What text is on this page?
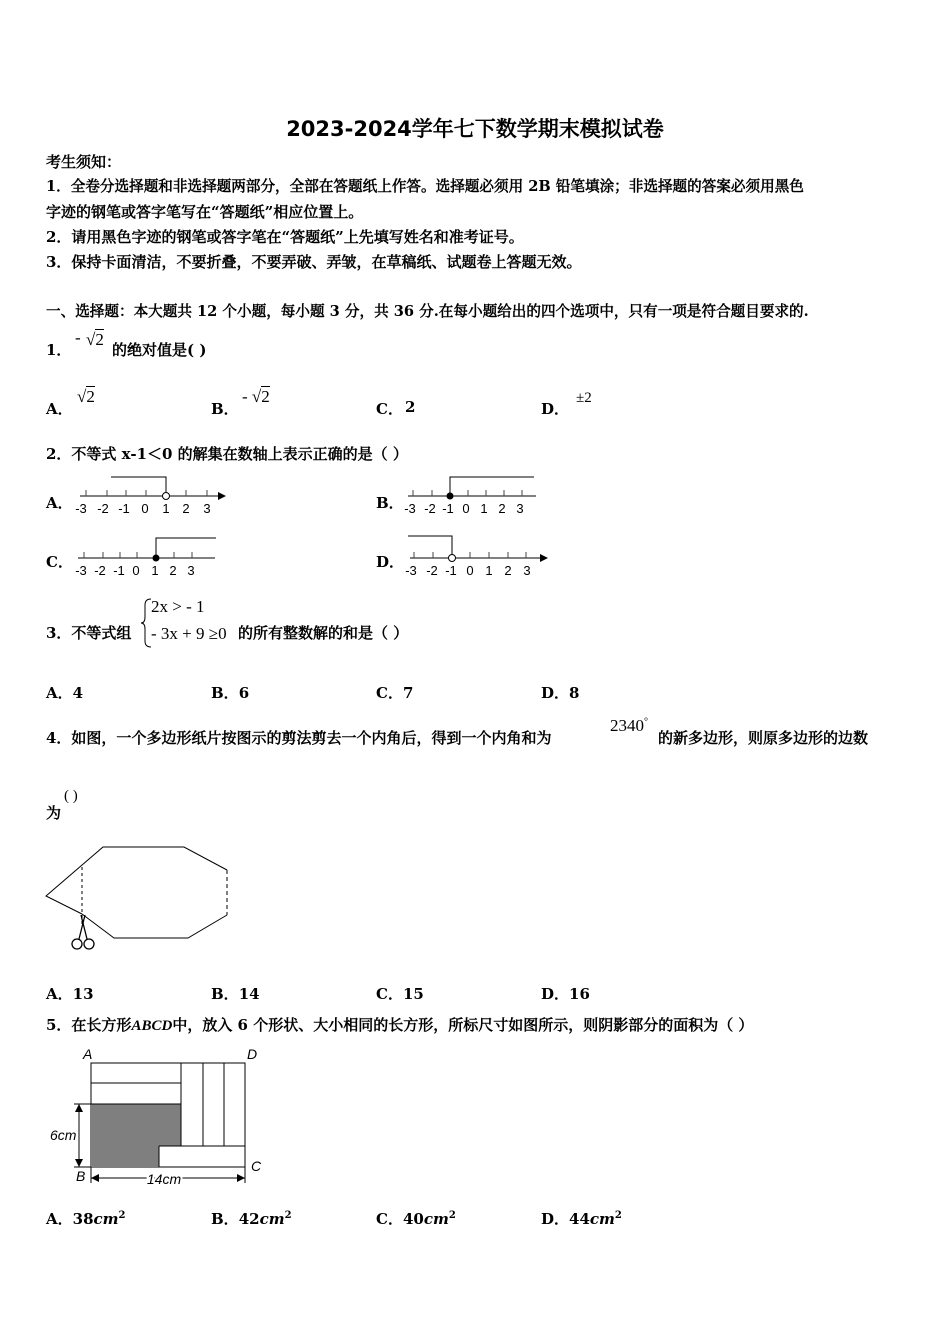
2023-2024学年七下数学期末模拟试卷
考生须知：
1．全卷分选择题和非选择题两部分，全部在答题纸上作答。选择题必须用 2B 铅笔填涂；非选择题的答案必须用黑色
字迹的钢笔或答字笔写在“答题纸”相应位置上。
2．请用黑色字迹的钢笔或答字笔在“答题纸”上先填写姓名和准考证号。
3．保持卡面清洁，不要折叠，不要弄破、弄皱，在草稿纸、试题卷上答题无效。
一、选择题：本大题共 12 个小题，每小题 3 分，共 36 分.在每小题给出的四个选项中，只有一项是符合题目要求的.
1．
- √2
的绝对值是( )
A．
√2
B．
- √2
C． 2	D．
±2
2．不等式 x-1＜0 的解集在数轴上表示正确的是（ ）
A． -3 -2 -1 0 1 2 3	B． -3 -2 -1 0 1 2 3
C． -3 -2 -1 0 1 2 3	D． -3 -2 -1 0 1 2 3
3．不等式组
2x > - 1
- 3x + 9 ≥0 的所有整数解的和是（ ）
A．4	B．6	C．7	D．8
4．如图，一个多边形纸片按图示的剪法剪去一个内角后，得到一个内角和为
2340°
的新多边形，则原多边形的边数
为
( )
A．13	B．14	C．15	D．16
5．在长方形ABCD中，放入 6 个形状、大小相同的长方形，所标尺寸如图所示，则阴影部分的面积为（ ）
A	D
B
C
6cm
14cm
A．$38cm^2$	B．$42cm^2$	C．$40cm^2$	D．$44cm^2$
